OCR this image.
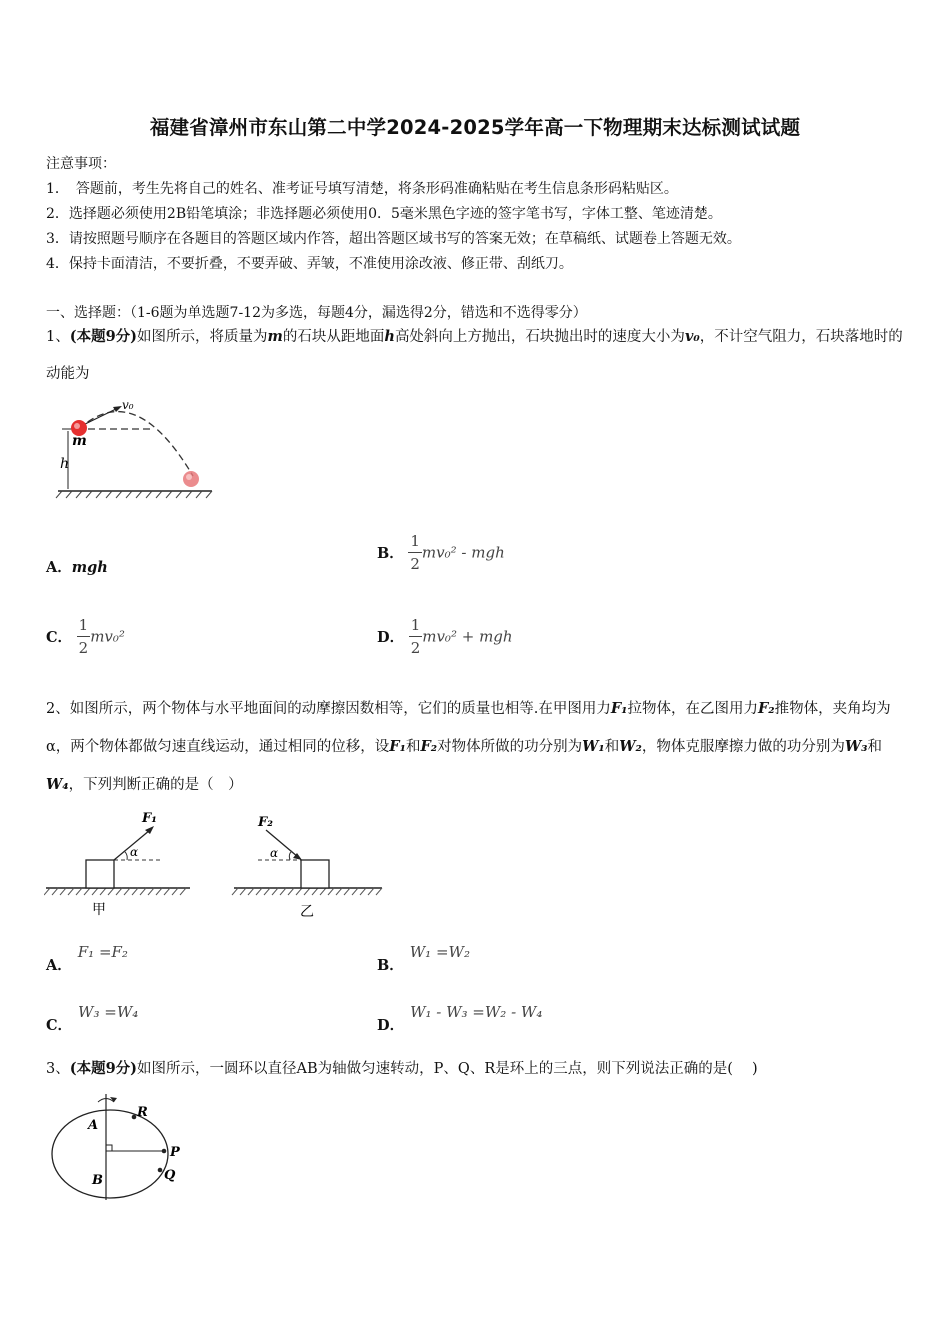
福建省漳州市东山第二中学2024-2025学年高一下物理期末达标测试试题
注意事项：
1．　答题前，考生先将自己的姓名、准考证号填写清楚，将条形码准确粘贴在考生信息条形码粘贴区。
2．选择题必须使用2B铅笔填涂；非选择题必须使用0．5毫米黑色字迹的签字笔书写，字体工整、笔迹清楚。
3．请按照题号顺序在各题目的答题区域内作答，超出答题区域书写的答案无效；在草稿纸、试题卷上答题无效。
4．保持卡面清洁，不要折叠，不要弄破、弄皱，不准使用涂改液、修正带、刮纸刀。
一、选择题：（1-6题为单选题7-12为多选，每题4分，漏选得2分，错选和不选得零分）
1、(本题9分)如图所示，将质量为m的石块从距地面h高处斜向上方抛出，石块抛出时的速度大小为v₀，不计空气阻力，石块落地时的动能为
v₀
m
h
A．mgh
B． $\frac{1}{2} mv_0^2$ - mgh
C． $\frac{1}{2} mv_0^2$	D． $\frac{1}{2} mv_0^2$ + mgh
2、如图所示，两个物体与水平地面间的动摩擦因数相等，它们的质量也相等.在甲图用力F₁拉物体，在乙图用力F₂推物体，夹角均为α，两个物体都做匀速直线运动，通过相同的位移，设F₁和F₂对物体所做的功分别为W₁和W₂，物体克服摩擦力做的功分别为W₃和W₄，下列判断正确的是（　）
α
F₁
甲
α
F₂
乙
A．F₁ =F₂
B．W₁ =W₂
C．W₃ =W₄
D．W₁ - W₃ =W₂ - W₄
3、(本题9分)如图所示，一圆环以直径AB为轴做匀速转动，P、Q、R是环上的三点，则下列说法正确的是(　 )
A
B
R
P
Q
